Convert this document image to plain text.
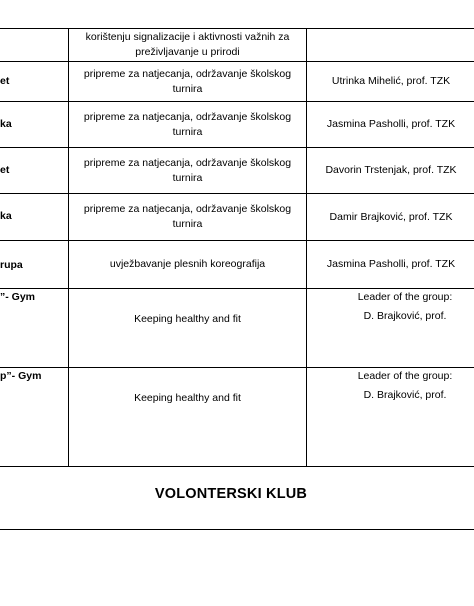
korištenju signalizacije i aktivnosti važnih za
preživljavanje u prirodi
et
pripreme za natjecanja, održavanje školskog
turnira
Utrinka Mihelić, prof. TZK
ka
pripreme za natjecanja, održavanje školskog
turnira
Jasmina Pasholli, prof. TZK
et
pripreme za natjecanja, održavanje školskog
turnira
Davorin Trstenjak, prof. TZK
ka
pripreme za natjecanja, održavanje školskog
turnira
Damir Brajković, prof. TZK
rupa	uvježbavanje plesnih koreografija	Jasmina Pasholli, prof. TZK
”- Gym
Keeping healthy and fit
Leader of the group:
D. Brajković, prof.
p”- Gym
Keeping healthy and fit
Leader of the group:
D. Brajković, prof.
VOLONTERSKI KLUB
